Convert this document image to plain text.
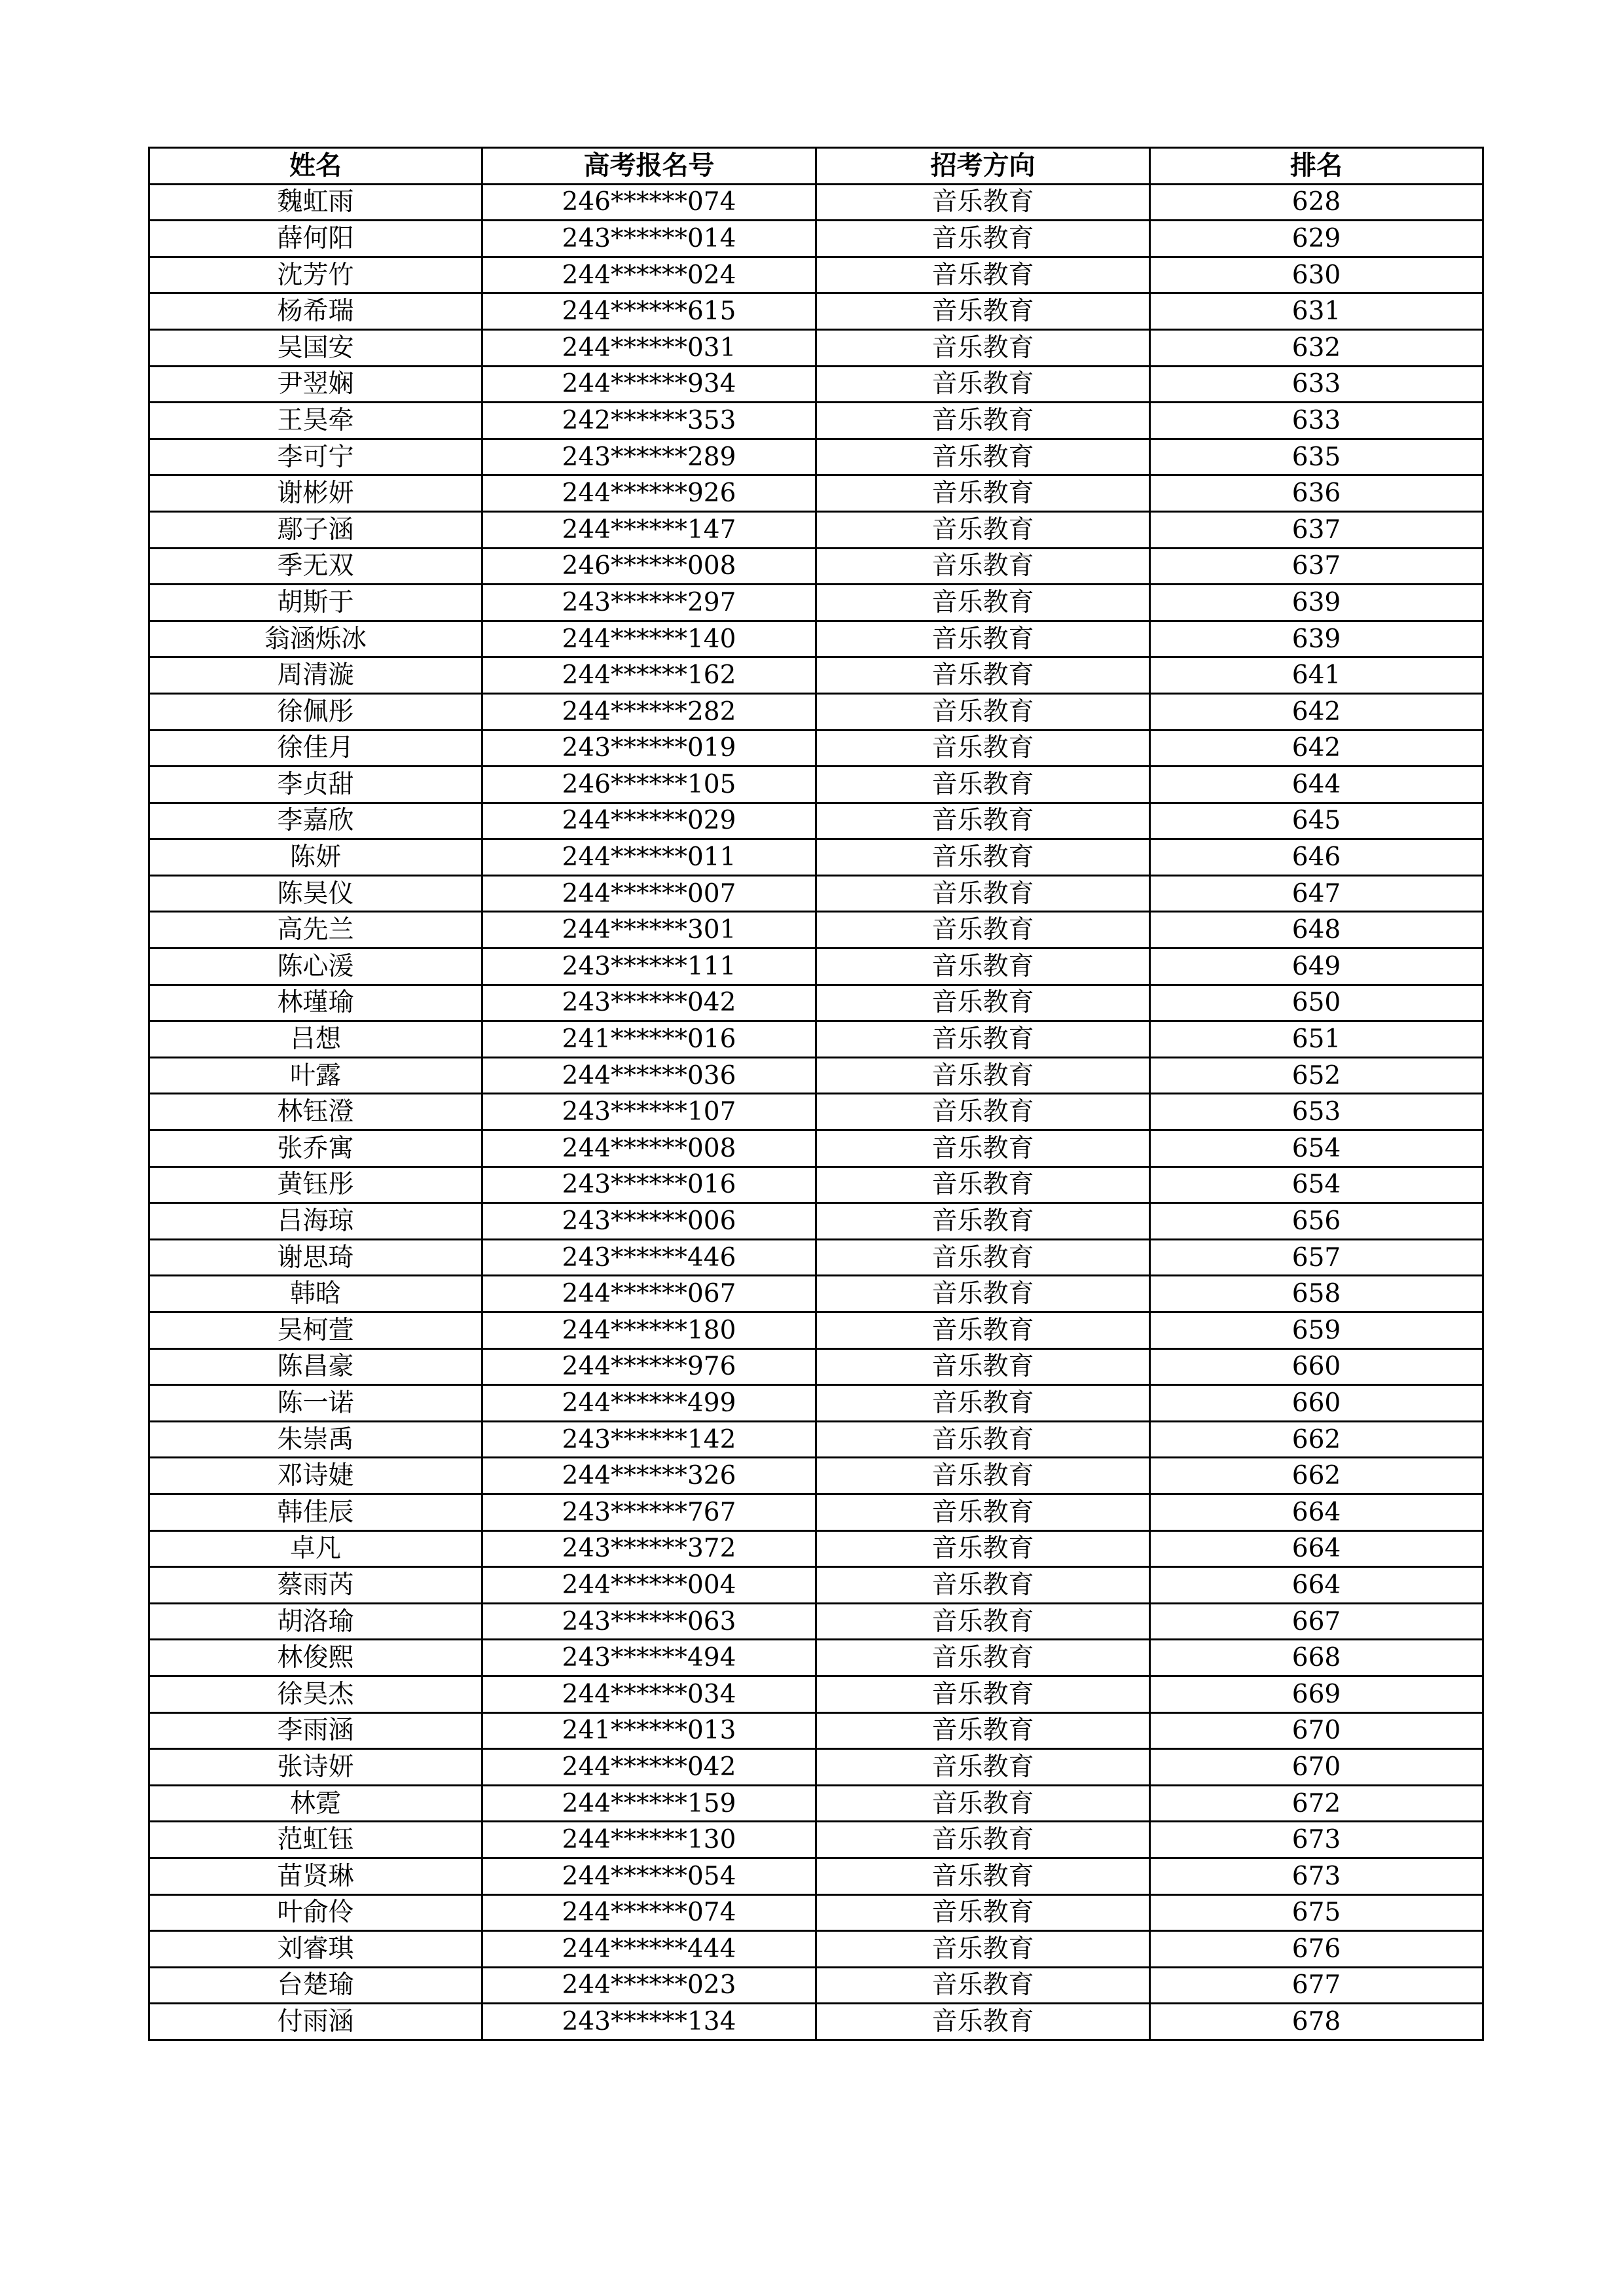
姓名	高考报名号	招考方向	排名
魏虹雨	246******074	音乐教育	628
薛何阳	243******014	音乐教育	629
沈芳竹	244******024	音乐教育	630
杨希瑞	244******615	音乐教育	631
吴国安	244******031	音乐教育	632
尹翌娴	244******934	音乐教育	633
王昊牵	242******353	音乐教育	633
李可宁	243******289	音乐教育	635
谢彬妍	244******926	音乐教育	636
鄢子涵	244******147	音乐教育	637
季无双	246******008	音乐教育	637
胡斯于	243******297	音乐教育	639
翁涵烁冰	244******140	音乐教育	639
周清漩	244******162	音乐教育	641
徐佩彤	244******282	音乐教育	642
徐佳月	243******019	音乐教育	642
李贞甜	246******105	音乐教育	644
李嘉欣	244******029	音乐教育	645
陈妍	244******011	音乐教育	646
陈昊仪	244******007	音乐教育	647
高先兰	244******301	音乐教育	648
陈心湲	243******111	音乐教育	649
林瑾瑜	243******042	音乐教育	650
吕想	241******016	音乐教育	651
叶露	244******036	音乐教育	652
林钰澄	243******107	音乐教育	653
张乔寓	244******008	音乐教育	654
黄钰彤	243******016	音乐教育	654
吕海琼	243******006	音乐教育	656
谢思琦	243******446	音乐教育	657
韩晗	244******067	音乐教育	658
吴柯萱	244******180	音乐教育	659
陈昌豪	244******976	音乐教育	660
陈一诺	244******499	音乐教育	660
朱崇禹	243******142	音乐教育	662
邓诗婕	244******326	音乐教育	662
韩佳辰	243******767	音乐教育	664
卓凡	243******372	音乐教育	664
蔡雨芮	244******004	音乐教育	664
胡洛瑜	243******063	音乐教育	667
林俊熙	243******494	音乐教育	668
徐昊杰	244******034	音乐教育	669
李雨涵	241******013	音乐教育	670
张诗妍	244******042	音乐教育	670
林霓	244******159	音乐教育	672
范虹钰	244******130	音乐教育	673
苗贤琳	244******054	音乐教育	673
叶俞伶	244******074	音乐教育	675
刘睿琪	244******444	音乐教育	676
台楚瑜	244******023	音乐教育	677
付雨涵	243******134	音乐教育	678
